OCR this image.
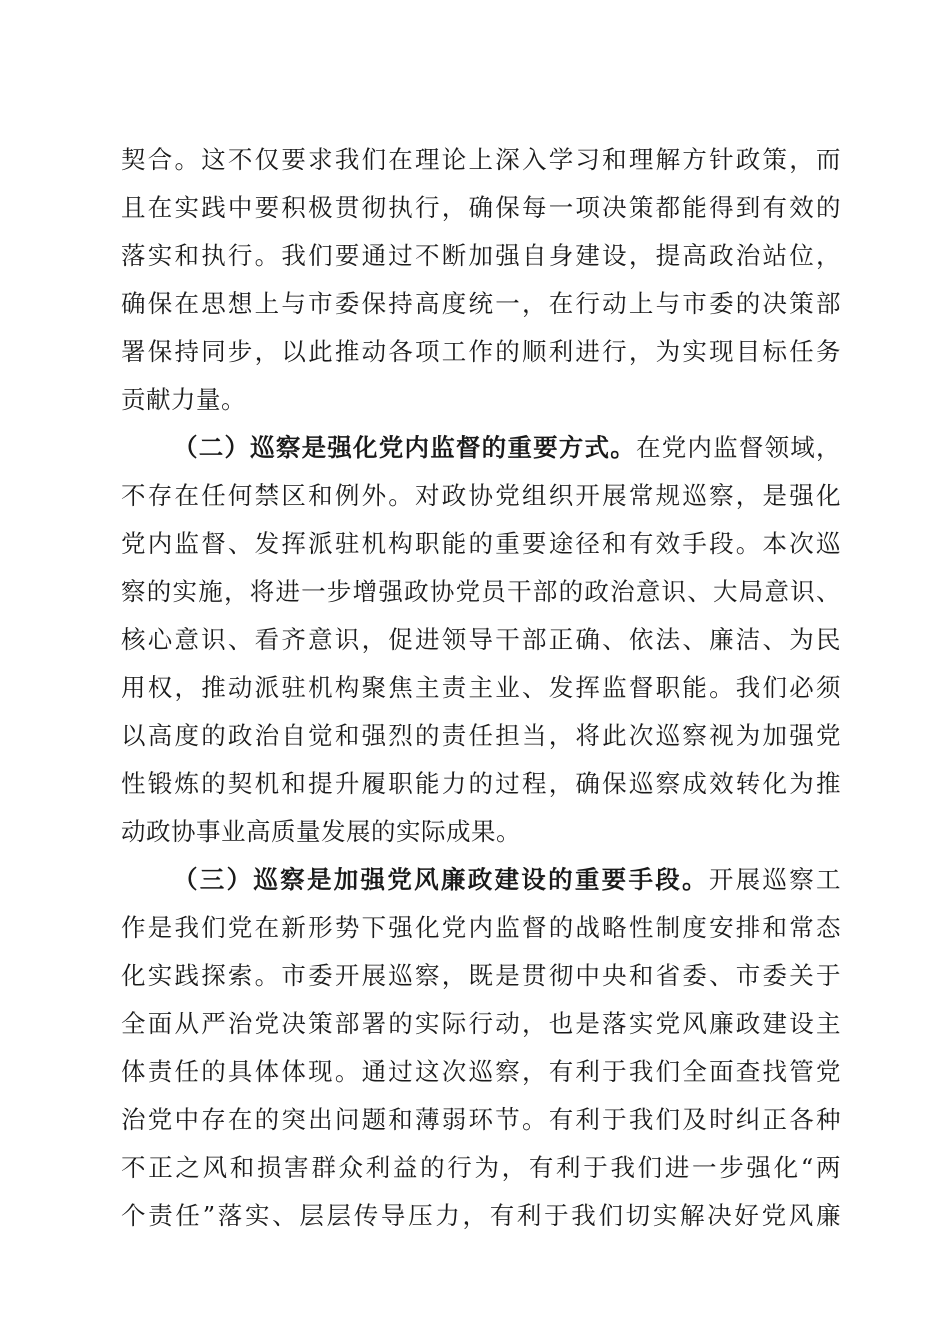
契合。这不仅要求我们在理论上深入学习和理解方针政策，而
且在实践中要积极贯彻执行，确保每一项决策都能得到有效的
落实和执行。我们要通过不断加强自身建设，提高政治站位，
确保在思想上与市委保持高度统一，在行动上与市委的决策部
署保持同步，以此推动各项工作的顺利进行，为实现目标任务
贡献力量。
（二）巡察是强化党内监督的重要方式。在党内监督领域，
不存在任何禁区和例外。对政协党组织开展常规巡察，是强化
党内监督、发挥派驻机构职能的重要途径和有效手段。本次巡
察的实施，将进一步增强政协党员干部的政治意识、大局意识、
核心意识、看齐意识，促进领导干部正确、依法、廉洁、为民
用权，推动派驻机构聚焦主责主业、发挥监督职能。我们必须
以高度的政治自觉和强烈的责任担当，将此次巡察视为加强党
性锻炼的契机和提升履职能力的过程，确保巡察成效转化为推
动政协事业高质量发展的实际成果。
（三）巡察是加强党风廉政建设的重要手段。开展巡察工
作是我们党在新形势下强化党内监督的战略性制度安排和常态
化实践探索。市委开展巡察，既是贯彻中央和省委、市委关于
全面从严治党决策部署的实际行动，也是落实党风廉政建设主
体责任的具体体现。通过这次巡察，有利于我们全面查找管党
治党中存在的突出问题和薄弱环节。有利于我们及时纠正各种
不正之风和损害群众利益的行为，有利于我们进一步强化“两
个责任”落实、层层传导压力，有利于我们切实解决好党风廉
